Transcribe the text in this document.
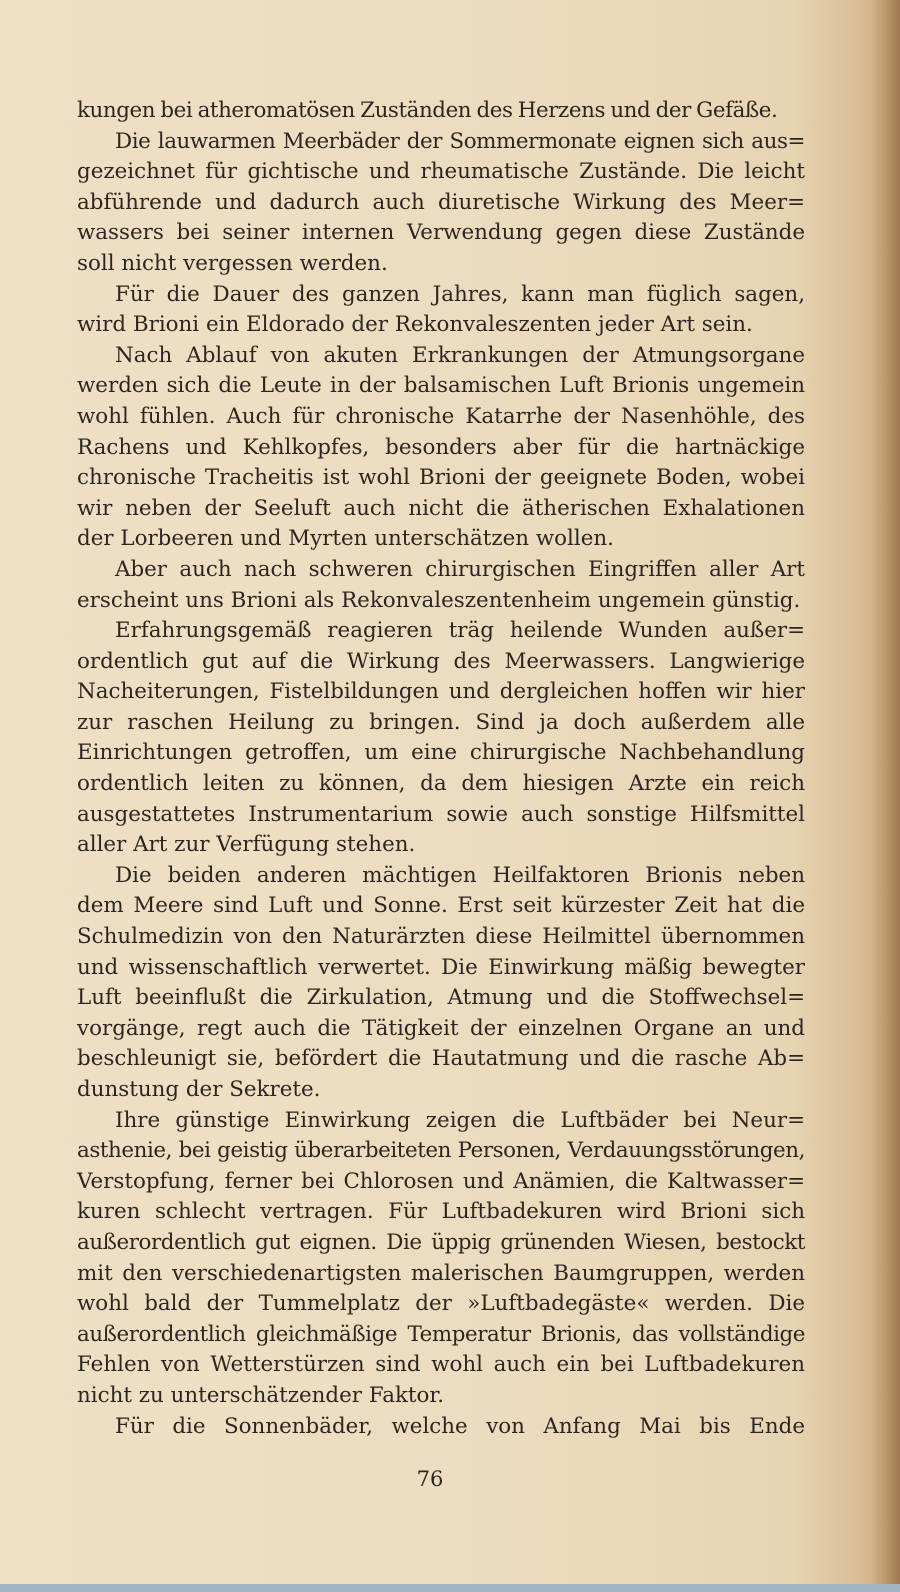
kungen bei atheromatösen Zuständen des Herzens und der Gefäße.
Die lauwarmen Meerbäder der Sommermonate eignen sich aus=
gezeichnet für gichtische und rheumatische Zustände. Die leicht
abführende und dadurch auch diuretische Wirkung des Meer=
wassers bei seiner internen Verwendung gegen diese Zustände
soll nicht vergessen werden.
Für die Dauer des ganzen Jahres, kann man füglich sagen,
wird Brioni ein Eldorado der Rekonvaleszenten jeder Art sein.
Nach Ablauf von akuten Erkrankungen der Atmungsorgane
werden sich die Leute in der balsamischen Luft Brionis ungemein
wohl fühlen. Auch für chronische Katarrhe der Nasenhöhle, des
Rachens und Kehlkopfes, besonders aber für die hartnäckige
chronische Tracheitis ist wohl Brioni der geeignete Boden, wobei
wir neben der Seeluft auch nicht die ätherischen Exhalationen
der Lorbeeren und Myrten unterschätzen wollen.
Aber auch nach schweren chirurgischen Eingriffen aller Art
erscheint uns Brioni als Rekonvaleszentenheim ungemein günstig.
Erfahrungsgemäß reagieren träg heilende Wunden außer=
ordentlich gut auf die Wirkung des Meerwassers. Langwierige
Nacheiterungen, Fistelbildungen und dergleichen hoffen wir hier
zur raschen Heilung zu bringen. Sind ja doch außerdem alle
Einrichtungen getroffen, um eine chirurgische Nachbehandlung
ordentlich leiten zu können, da dem hiesigen Arzte ein reich
ausgestattetes Instrumentarium sowie auch sonstige Hilfsmittel
aller Art zur Verfügung stehen.
Die beiden anderen mächtigen Heilfaktoren Brionis neben
dem Meere sind Luft und Sonne. Erst seit kürzester Zeit hat die
Schulmedizin von den Naturärzten diese Heilmittel übernommen
und wissenschaftlich verwertet. Die Einwirkung mäßig bewegter
Luft beeinflußt die Zirkulation, Atmung und die Stoffwechsel=
vorgänge, regt auch die Tätigkeit der einzelnen Organe an und
beschleunigt sie, befördert die Hautatmung und die rasche Ab=
dunstung der Sekrete.
Ihre günstige Einwirkung zeigen die Luftbäder bei Neur=
asthenie, bei geistig überarbeiteten Personen, Verdauungsstörungen,
Verstopfung, ferner bei Chlorosen und Anämien, die Kaltwasser=
kuren schlecht vertragen. Für Luftbadekuren wird Brioni sich
außerordentlich gut eignen. Die üppig grünenden Wiesen, bestockt
mit den verschiedenartigsten malerischen Baumgruppen, werden
wohl bald der Tummelplatz der »Luftbadegäste« werden. Die
außerordentlich gleichmäßige Temperatur Brionis, das vollständige
Fehlen von Wetterstürzen sind wohl auch ein bei Luftbadekuren
nicht zu unterschätzender Faktor.
Für die Sonnenbäder, welche von Anfang Mai bis Ende
76
